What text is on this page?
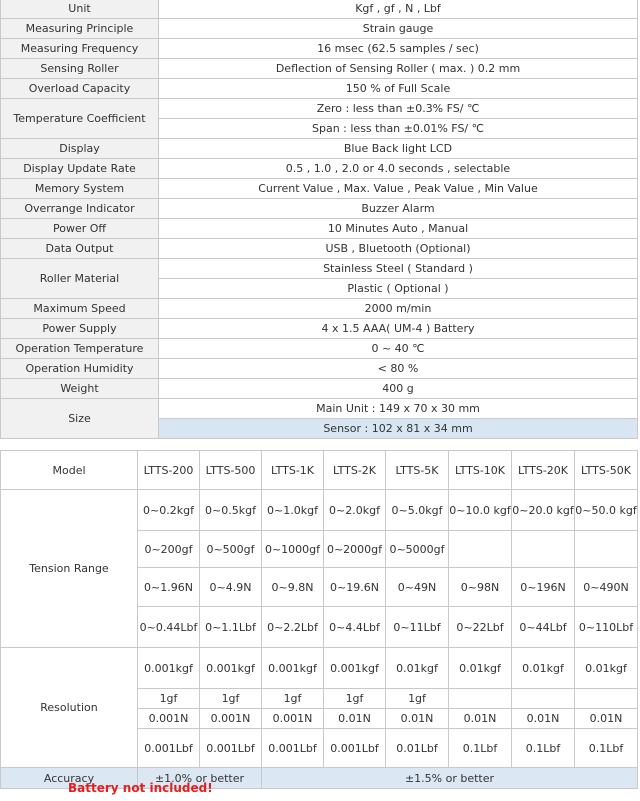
Unit	Kgf , gf , N , Lbf
Measuring Principle	Strain gauge
Measuring Frequency	16 msec (62.5 samples / sec)
Sensing Roller	Deflection of Sensing Roller ( max. ) 0.2 mm
Overload Capacity	150 % of Full Scale
Temperature Coefficient	Zero : less than ±0.3% FS/ ℃
	Span : less than ±0.01% FS/ ℃
Display	Blue Back light LCD
Display Update Rate	0.5 , 1.0 , 2.0 or 4.0 seconds , selectable
Memory System	Current Value , Max. Value , Peak Value , Min Value
Overrange Indicator	Buzzer Alarm
Power Off	10 Minutes Auto , Manual
Data Output	USB , Bluetooth (Optional)
Roller Material	Stainless Steel ( Standard )
	Plastic ( Optional )
Maximum Speed	2000 m/min
Power Supply	4 x 1.5 AAA( UM-4 ) Battery
Operation Temperature	0 ~ 40 ℃
Operation Humidity	< 80 %
Weight	400 g
Size	Main Unit : 149 x 70 x 30 mm
	Sensor : 102 x 81 x 34 mm
Model	LTTS-200	LTTS-500	LTTS-1K	LTTS-2K	LTTS-5K	LTTS-10K	LTTS-20K	LTTS-50K
Tension Range	0~0.2kgf	0~0.5kgf	0~1.0kgf	0~2.0kgf	0~5.0kgf	0~10.0 kgf	0~20.0 kgf	0~50.0 kgf
	0~200gf	0~500gf	0~1000gf	0~2000gf	0~5000gf			
	0~1.96N	0~4.9N	0~9.8N	0~19.6N	0~49N	0~98N	0~196N	0~490N
	0~0.44Lbf	0~1.1Lbf	0~2.2Lbf	0~4.4Lbf	0~11Lbf	0~22Lbf	0~44Lbf	0~110Lbf
Resolution	0.001kgf	0.001kgf	0.001kgf	0.001kgf	0.01kgf	0.01kgf	0.01kgf	0.01kgf
	1gf	1gf	1gf	1gf	1gf			
	0.001N	0.001N	0.001N	0.01N	0.01N	0.01N	0.01N	0.01N
	0.001Lbf	0.001Lbf	0.001Lbf	0.001Lbf	0.01Lbf	0.1Lbf	0.1Lbf	0.1Lbf
Accuracy	±1.0% or better		±1.5% or better					
Battery not included!
